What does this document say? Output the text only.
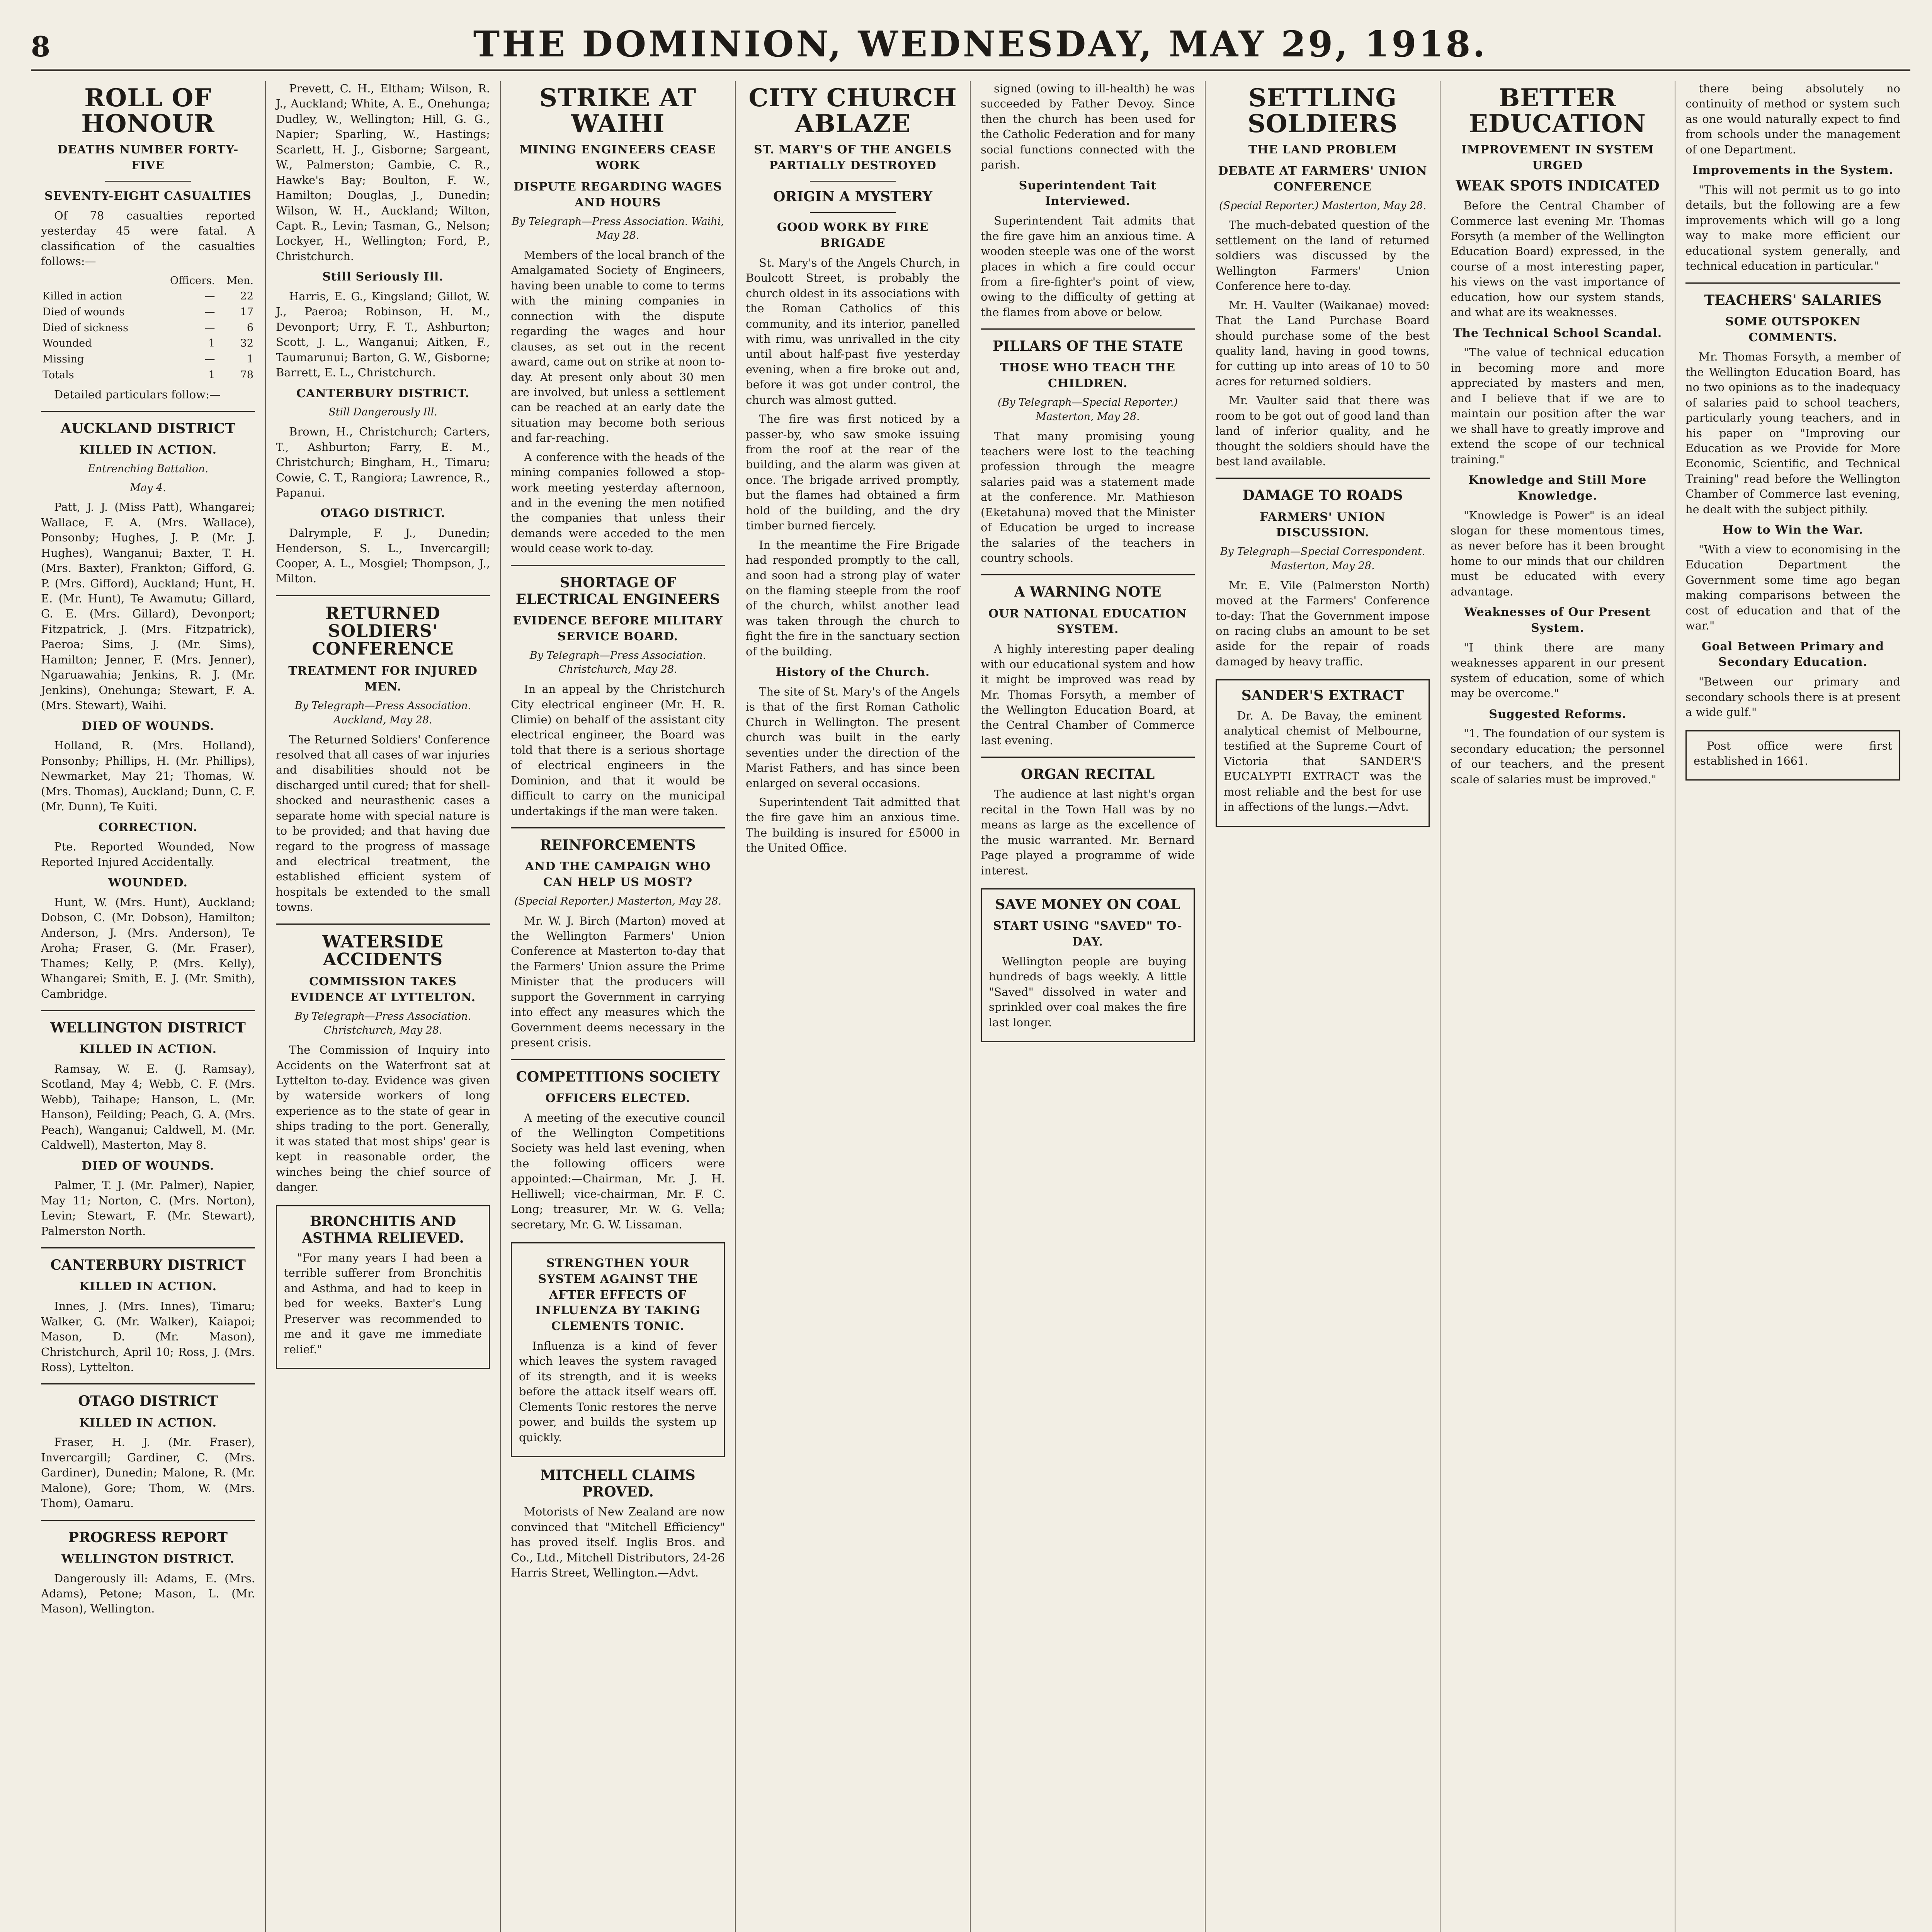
8	THE DOMINION, WEDNESDAY, MAY 29, 1918.
ROLL OF HONOUR
DEATHS NUMBER FORTY-FIVE
SEVENTY-EIGHT CASUALTIES

Of 78 casualties reported yesterday 45 were fatal. A classification of the casualties follows:—

	Officers.	Men.
Killed in action	—	22
Died of wounds	—	17
Died of sickness	—	6
Wounded	1	32
Missing	—	1
Totals	1	78

Detailed particulars follow:—

AUCKLAND DISTRICT
KILLED IN ACTION.
Entrenching Battalion.
May 4.

Patt, J. J. (Miss Patt), Whangarei; Wallace, F. A. (Mrs. Wallace), Ponsonby; Hughes, J. P. (Mr. J. Hughes), Wanganui; Baxter, T. H. (Mrs. Baxter), Frankton; Gifford, G. P. (Mrs. Gifford), Auckland; Hunt, H. E. (Mr. Hunt), Te Awamutu; Gillard, G. E. (Mrs. Gillard), Devonport; Fitzpatrick, J. (Mrs. Fitzpatrick), Paeroa; Sims, J. (Mr. Sims), Hamilton; Jenner, F. (Mrs. Jenner), Ngaruawahia; Jenkins, R. J. (Mr. Jenkins), Onehunga; Stewart, F. A. (Mrs. Stewart), Waihi.

DIED OF WOUNDS.

Holland, R. (Mrs. Holland), Ponsonby; Phillips, H. (Mr. Phillips), Newmarket, May 21; Thomas, W. (Mrs. Thomas), Auckland; Dunn, C. F. (Mr. Dunn), Te Kuiti.

CORRECTION.

Pte. Reported Wounded, Now Reported Injured Accidentally.

WOUNDED.

Hunt, W. (Mrs. Hunt), Auckland; Dobson, C. (Mr. Dobson), Hamilton; Anderson, J. (Mrs. Anderson), Te Aroha; Fraser, G. (Mr. Fraser), Thames; Kelly, P. (Mrs. Kelly), Whangarei; Smith, E. J. (Mr. Smith), Cambridge.

WELLINGTON DISTRICT
KILLED IN ACTION.

Ramsay, W. E. (J. Ramsay), Scotland, May 4; Webb, C. F. (Mrs. Webb), Taihape; Hanson, L. (Mr. Hanson), Feilding; Peach, G. A. (Mrs. Peach), Wanganui; Caldwell, M. (Mr. Caldwell), Masterton, May 8.

DIED OF WOUNDS.

Palmer, T. J. (Mr. Palmer), Napier, May 11; Norton, C. (Mrs. Norton), Levin; Stewart, F. (Mr. Stewart), Palmerston North.

CANTERBURY DISTRICT
KILLED IN ACTION.

Innes, J. (Mrs. Innes), Timaru; Walker, G. (Mr. Walker), Kaiapoi; Mason, D. (Mr. Mason), Christchurch, April 10; Ross, J. (Mrs. Ross), Lyttelton.

OTAGO DISTRICT
KILLED IN ACTION.

Fraser, H. J. (Mr. Fraser), Invercargill; Gardiner, C. (Mrs. Gardiner), Dunedin; Malone, R. (Mr. Malone), Gore; Thom, W. (Mrs. Thom), Oamaru.

PROGRESS REPORT
WELLINGTON DISTRICT.

Dangerously ill: Adams, E. (Mrs. Adams), Petone; Mason, L. (Mr. Mason), Wellington.

Prevett, C. H., Eltham; Wilson, R. J., Auckland; White, A. E., Onehunga; Dudley, W., Wellington; Hill, G. G., Napier; Sparling, W., Hastings; Scarlett, H. J., Gisborne; Sargeant, W., Palmerston; Gambie, C. R., Hawke's Bay; Boulton, F. W., Hamilton; Douglas, J., Dunedin; Wilson, W. H., Auckland; Wilton, Capt. R., Levin; Tasman, G., Nelson; Lockyer, H., Wellington; Ford, P., Christchurch.

Still Seriously Ill.

Harris, E. G., Kingsland; Gillot, W. J., Paeroa; Robinson, H. M., Devonport; Urry, F. T., Ashburton; Scott, J. L., Wanganui; Aitken, F., Taumarunui; Barton, G. W., Gisborne; Barrett, E. L., Christchurch.

CANTERBURY DISTRICT.
Still Dangerously Ill.

Brown, H., Christchurch; Carters, T., Ashburton; Farry, E. M., Christchurch; Bingham, H., Timaru; Cowie, C. T., Rangiora; Lawrence, R., Papanui.

OTAGO DISTRICT.

Dalrymple, F. J., Dunedin; Henderson, S. L., Invercargill; Cooper, A. L., Mosgiel; Thompson, J., Milton.

RETURNED SOLDIERS' CONFERENCE
TREATMENT FOR INJURED MEN.
By Telegraph—Press Association. Auckland, May 28.

The Returned Soldiers' Conference resolved that all cases of war injuries and disabilities should not be discharged until cured; that for shell-shocked and neurasthenic cases a separate home with special nature is to be provided; and that having due regard to the progress of massage and electrical treatment, the established efficient system of hospitals be extended to the small towns.

WATERSIDE ACCIDENTS
COMMISSION TAKES EVIDENCE AT LYTTELTON.
By Telegraph—Press Association. Christchurch, May 28.

The Commission of Inquiry into Accidents on the Waterfront sat at Lyttelton to-day. Evidence was given by waterside workers of long experience as to the state of gear in ships trading to the port. Generally, it was stated that most ships' gear is kept in reasonable order, the winches being the chief source of danger.

BRONCHITIS AND ASTHMA RELIEVED.

"For many years I had been a terrible sufferer from Bronchitis and Asthma, and had to keep in bed for weeks. Baxter's Lung Preserver was recommended to me and it gave me immediate relief."

STRIKE AT WAIHI
MINING ENGINEERS CEASE WORK
DISPUTE REGARDING WAGES AND HOURS
By Telegraph—Press Association. Waihi, May 28.

Members of the local branch of the Amalgamated Society of Engineers, having been unable to come to terms with the mining companies in connection with the dispute regarding the wages and hour clauses, as set out in the recent award, came out on strike at noon to-day. At present only about 30 men are involved, but unless a settlement can be reached at an early date the situation may become both serious and far-reaching.

A conference with the heads of the mining companies followed a stop-work meeting yesterday afternoon, and in the evening the men notified the companies that unless their demands were acceded to the men would cease work to-day.

SHORTAGE OF ELECTRICAL ENGINEERS
EVIDENCE BEFORE MILITARY SERVICE BOARD.
By Telegraph—Press Association. Christchurch, May 28.

In an appeal by the Christchurch City electrical engineer (Mr. H. R. Climie) on behalf of the assistant city electrical engineer, the Board was told that there is a serious shortage of electrical engineers in the Dominion, and that it would be difficult to carry on the municipal undertakings if the man were taken.

REINFORCEMENTS
AND THE CAMPAIGN WHO CAN HELP US MOST?
(Special Reporter.) Masterton, May 28.

Mr. W. J. Birch (Marton) moved at the Wellington Farmers' Union Conference at Masterton to-day that the Farmers' Union assure the Prime Minister that the producers will support the Government in carrying into effect any measures which the Government deems necessary in the present crisis.

COMPETITIONS SOCIETY
OFFICERS ELECTED.

A meeting of the executive council of the Wellington Competitions Society was held last evening, when the following officers were appointed:—Chairman, Mr. J. H. Helliwell; vice-chairman, Mr. F. C. Long; treasurer, Mr. W. G. Vella; secretary, Mr. G. W. Lissaman.

STRENGTHEN YOUR SYSTEM AGAINST THE AFTER EFFECTS OF INFLUENZA BY TAKING CLEMENTS TONIC.

Influenza is a kind of fever which leaves the system ravaged of its strength, and it is weeks before the attack itself wears off. Clements Tonic restores the nerve power, and builds the system up quickly.

MITCHELL CLAIMS PROVED.

Motorists of New Zealand are now convinced that "Mitchell Efficiency" has proved itself. Inglis Bros. and Co., Ltd., Mitchell Distributors, 24-26 Harris Street, Wellington.—Advt.

CITY CHURCH ABLAZE
ST. MARY'S OF THE ANGELS PARTIALLY DESTROYED
ORIGIN A MYSTERY
GOOD WORK BY FIRE BRIGADE

St. Mary's of the Angels Church, in Boulcott Street, is probably the church oldest in its associations with the Roman Catholics of this community, and its interior, panelled with rimu, was unrivalled in the city until about half-past five yesterday evening, when a fire broke out and, before it was got under control, the church was almost gutted.

The fire was first noticed by a passer-by, who saw smoke issuing from the roof at the rear of the building, and the alarm was given at once. The brigade arrived promptly, but the flames had obtained a firm hold of the building, and the dry timber burned fiercely.

In the meantime the Fire Brigade had responded promptly to the call, and soon had a strong play of water on the flaming steeple from the roof of the church, whilst another lead was taken through the church to fight the fire in the sanctuary section of the building.

History of the Church.

The site of St. Mary's of the Angels is that of the first Roman Catholic Church in Wellington. The present church was built in the early seventies under the direction of the Marist Fathers, and has since been enlarged on several occasions.

Superintendent Tait admitted that the fire gave him an anxious time. The building is insured for £5000 in the United Office.

signed (owing to ill-health) he was succeeded by Father Devoy. Since then the church has been used for the Catholic Federation and for many social functions connected with the parish.

Superintendent Tait Interviewed.

Superintendent Tait admits that the fire gave him an anxious time. A wooden steeple was one of the worst places in which a fire could occur from a fire-fighter's point of view, owing to the difficulty of getting at the flames from above or below.

PILLARS OF THE STATE
THOSE WHO TEACH THE CHILDREN.
(By Telegraph—Special Reporter.) Masterton, May 28.

That many promising young teachers were lost to the teaching profession through the meagre salaries paid was a statement made at the conference. Mr. Mathieson (Eketahuna) moved that the Minister of Education be urged to increase the salaries of the teachers in country schools.

A WARNING NOTE
OUR NATIONAL EDUCATION SYSTEM.

A highly interesting paper dealing with our educational system and how it might be improved was read by Mr. Thomas Forsyth, a member of the Wellington Education Board, at the Central Chamber of Commerce last evening.

ORGAN RECITAL

The audience at last night's organ recital in the Town Hall was by no means as large as the excellence of the music warranted. Mr. Bernard Page played a programme of wide interest.

SAVE MONEY ON COAL
START USING "SAVED" TO-DAY.

Wellington people are buying hundreds of bags weekly. A little "Saved" dissolved in water and sprinkled over coal makes the fire last longer.

SETTLING SOLDIERS
THE LAND PROBLEM
DEBATE AT FARMERS' UNION CONFERENCE
(Special Reporter.) Masterton, May 28.

The much-debated question of the settlement on the land of returned soldiers was discussed by the Wellington Farmers' Union Conference here to-day.

Mr. H. Vaulter (Waikanae) moved: That the Land Purchase Board should purchase some of the best quality land, having in good towns, for cutting up into areas of 10 to 50 acres for returned soldiers.

Mr. Vaulter said that there was room to be got out of good land than land of inferior quality, and he thought the soldiers should have the best land available.

DAMAGE TO ROADS
FARMERS' UNION DISCUSSION.
By Telegraph—Special Correspondent. Masterton, May 28.

Mr. E. Vile (Palmerston North) moved at the Farmers' Conference to-day: That the Government impose on racing clubs an amount to be set aside for the repair of roads damaged by heavy traffic.

SANDER'S EXTRACT

Dr. A. De Bavay, the eminent analytical chemist of Melbourne, testified at the Supreme Court of Victoria that SANDER'S EUCALYPTI EXTRACT was the most reliable and the best for use in affections of the lungs.—Advt.

BETTER EDUCATION
IMPROVEMENT IN SYSTEM URGED
WEAK SPOTS INDICATED

Before the Central Chamber of Commerce last evening Mr. Thomas Forsyth (a member of the Wellington Education Board) expressed, in the course of a most interesting paper, his views on the vast importance of education, how our system stands, and what are its weaknesses.

The Technical School Scandal.

"The value of technical education in becoming more and more appreciated by masters and men, and I believe that if we are to maintain our position after the war we shall have to greatly improve and extend the scope of our technical training."

Knowledge and Still More Knowledge.

"Knowledge is Power" is an ideal slogan for these momentous times, as never before has it been brought home to our minds that our children must be educated with every advantage.

Weaknesses of Our Present System.

"I think there are many weaknesses apparent in our present system of education, some of which may be overcome."

Suggested Reforms.

"1. The foundation of our system is secondary education; the personnel of our teachers, and the present scale of salaries must be improved."

there being absolutely no continuity of method or system such as one would naturally expect to find from schools under the management of one Department.

Improvements in the System.

"This will not permit us to go into details, but the following are a few improvements which will go a long way to make more efficient our educational system generally, and technical education in particular."

TEACHERS' SALARIES
SOME OUTSPOKEN COMMENTS.

Mr. Thomas Forsyth, a member of the Wellington Education Board, has no two opinions as to the inadequacy of salaries paid to school teachers, particularly young teachers, and in his paper on "Improving our Education as we Provide for More Economic, Scientific, and Technical Training" read before the Wellington Chamber of Commerce last evening, he dealt with the subject pithily.

How to Win the War.

"With a view to economising in the Education Department the Government some time ago began making comparisons between the cost of education and that of the war."

Goal Between Primary and Secondary Education.

"Between our primary and secondary schools there is at present a wide gulf."

Post office were first established in 1661.
